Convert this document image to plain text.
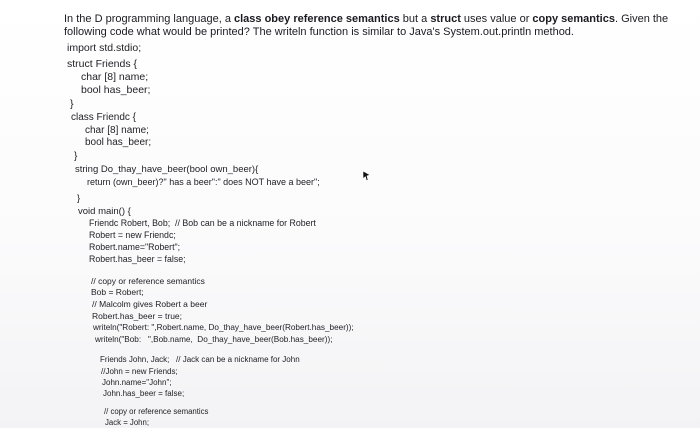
In the D programming language, a class obey reference semantics but a struct uses value or copy semantics. Given the following code what would be printed? The writeln function is similar to Java's System.out.println method.
import std.stdio;
struct Friends {
char [8] name;
bool has_beer;
}
class Friendc {
char [8] name;
bool has_beer;
}
string Do_thay_have_beer(bool own_beer){
return (own_beer)?" has a beer":" does NOT have a beer";
}
void main() {
Friendc Robert, Bob;  // Bob can be a nickname for Robert
Robert = new Friendc;
Robert.name="Robert";
Robert.has_beer = false;
// copy or reference semantics
Bob = Robert;
// Malcolm gives Robert a beer
Robert.has_beer = true;
writeln("Robert: ",Robert.name, Do_thay_have_beer(Robert.has_beer));
writeln("Bob:   ",Bob.name,  Do_thay_have_beer(Bob.has_beer));
Friends John, Jack;   // Jack can be a nickname for John
//John = new Friends;
John.name="John";
John.has_beer = false;
// copy or reference semantics
Jack = John;
